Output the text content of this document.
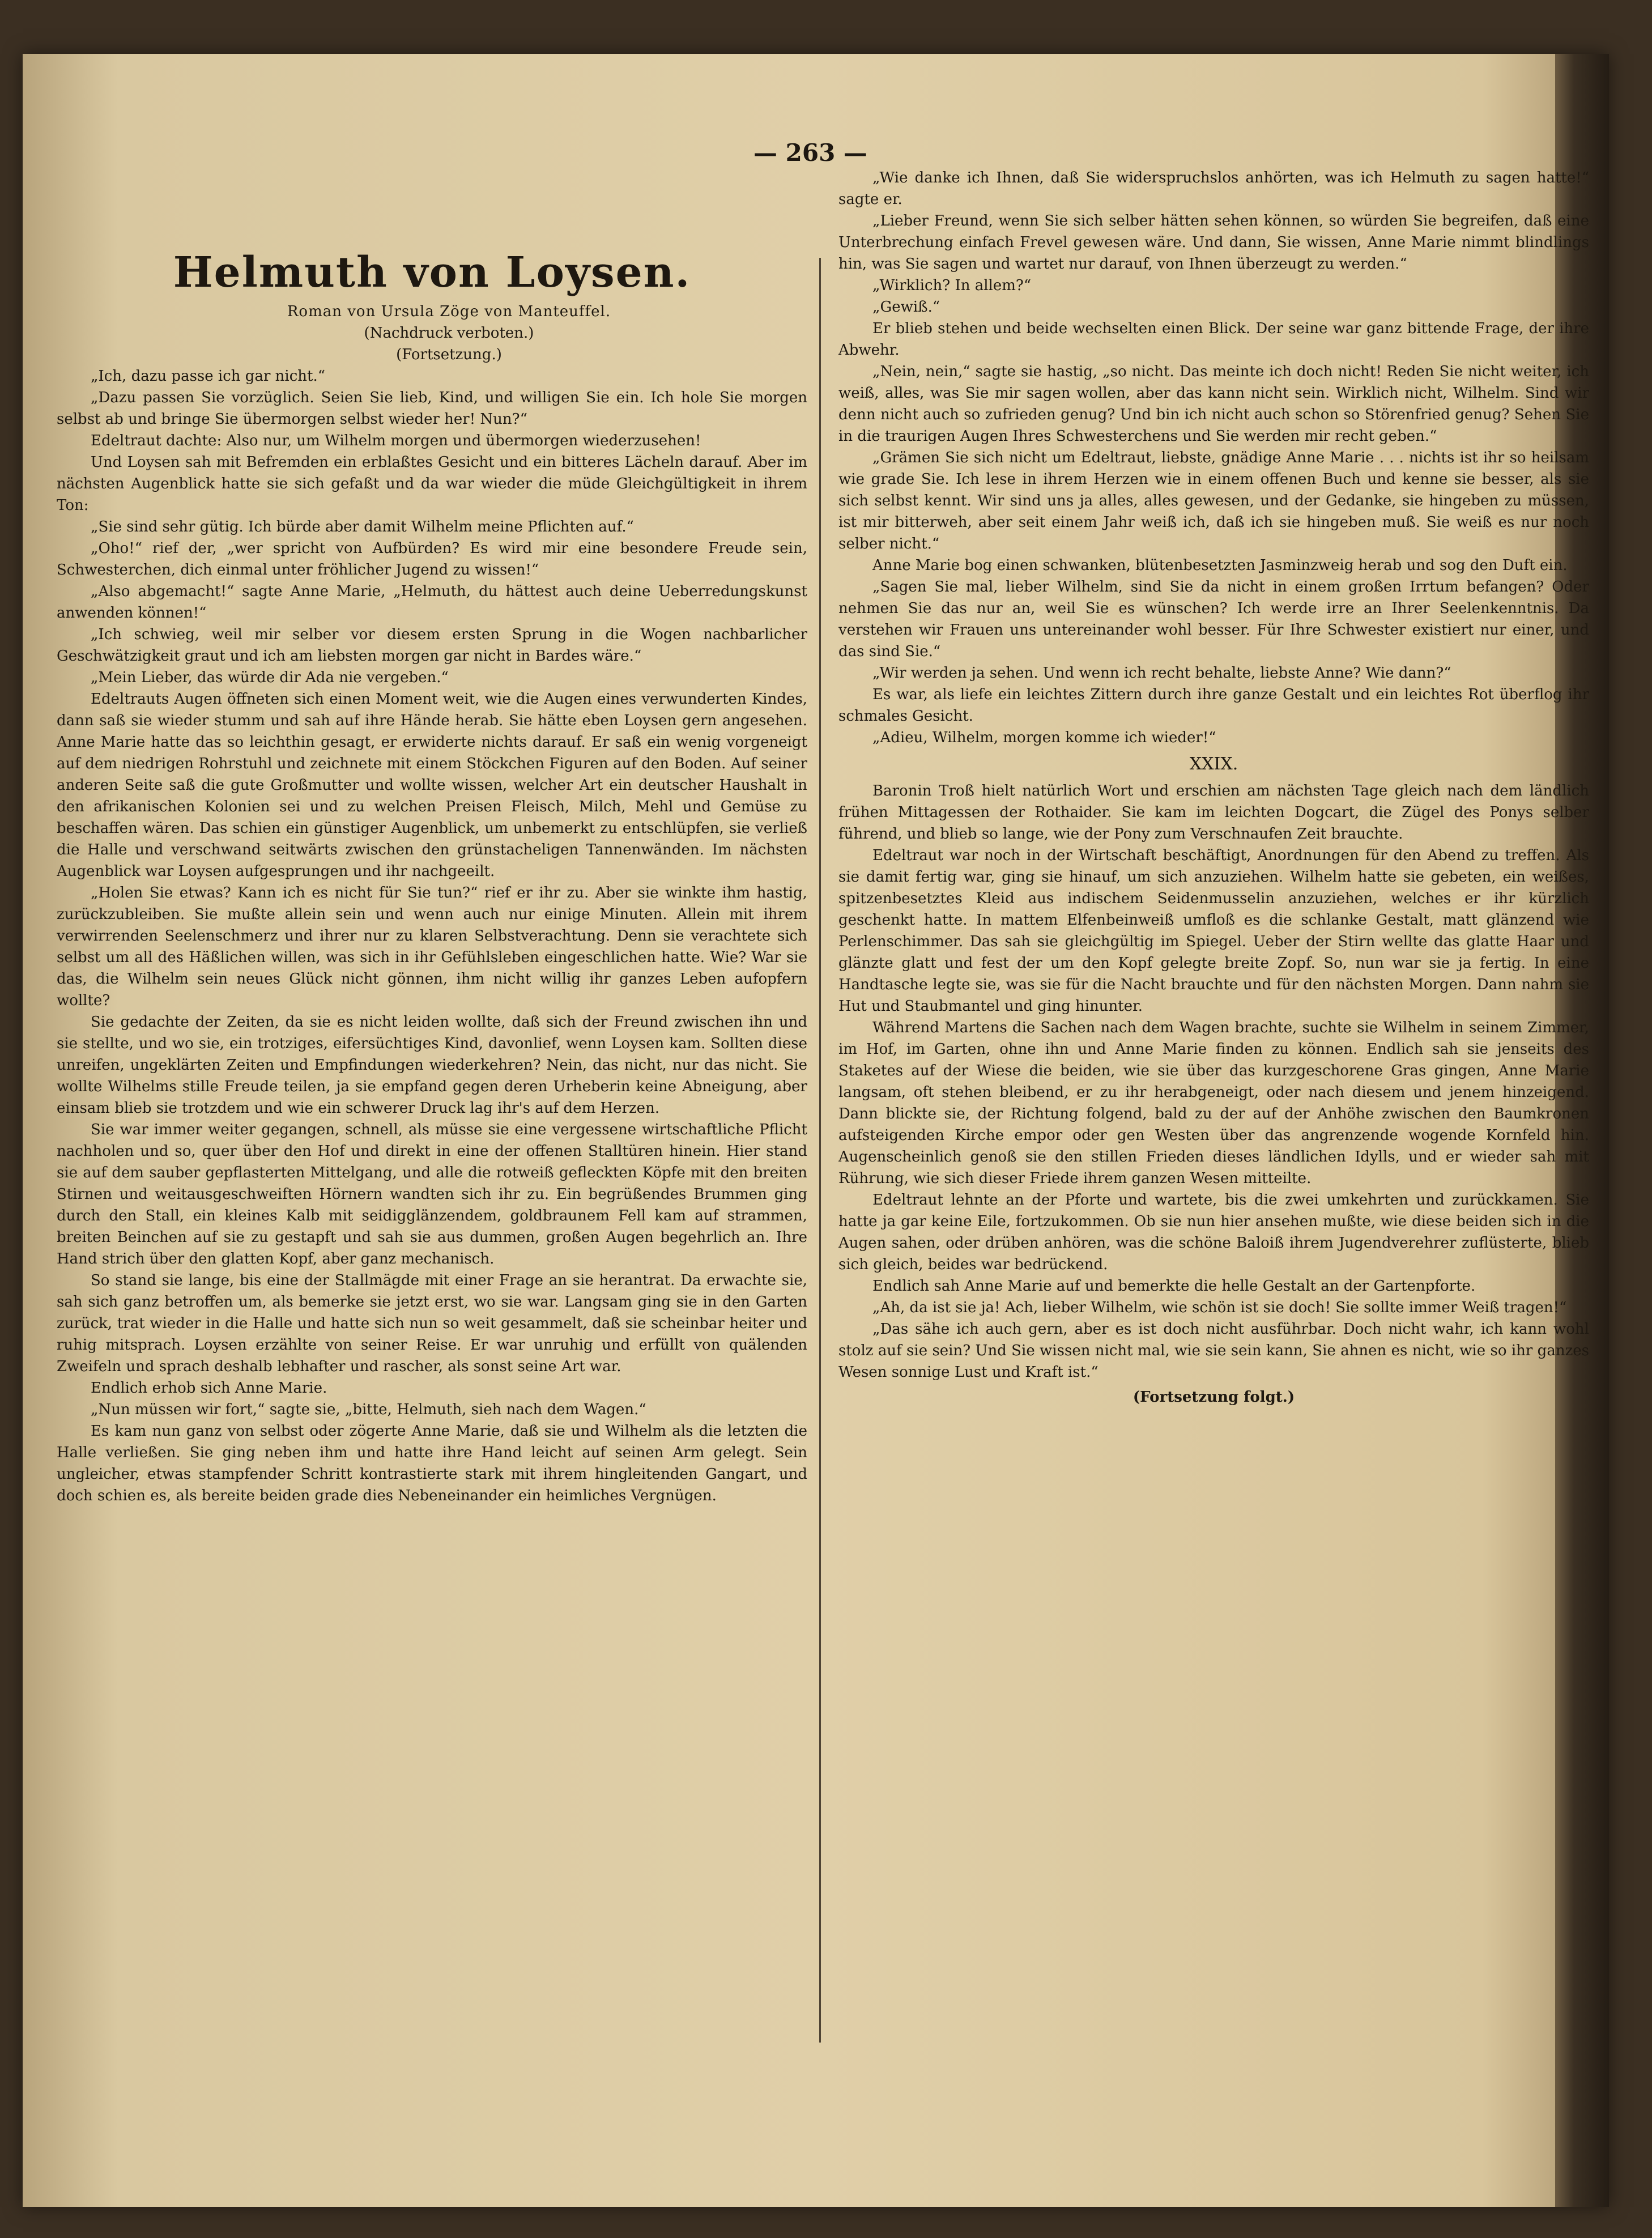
— 263 —
Helmuth von Loysen.

Roman von Ursula Zöge von Manteuffel.

(Nachdruck verboten.)

(Fortsetzung.)

„Ich, dazu passe ich gar nicht.“

„Dazu passen Sie vorzüglich. Seien Sie lieb, Kind, und willigen Sie ein. Ich hole Sie morgen selbst ab und bringe Sie übermorgen selbst wieder her! Nun?“

Edeltraut dachte: Also nur, um Wilhelm morgen und übermorgen wiederzusehen!

Und Loysen sah mit Befremden ein erblaßtes Gesicht und ein bitteres Lächeln darauf. Aber im nächsten Augenblick hatte sie sich gefaßt und da war wieder die müde Gleichgültigkeit in ihrem Ton:

„Sie sind sehr gütig. Ich bürde aber damit Wilhelm meine Pflichten auf.“

„Oho!“ rief der, „wer spricht von Aufbürden? Es wird mir eine besondere Freude sein, Schwesterchen, dich einmal unter fröhlicher Jugend zu wissen!“

„Also abgemacht!“ sagte Anne Marie, „Helmuth, du hättest auch deine Ueberredungskunst anwenden können!“

„Ich schwieg, weil mir selber vor diesem ersten Sprung in die Wogen nachbarlicher Geschwätzigkeit graut und ich am liebsten morgen gar nicht in Bardes wäre.“

„Mein Lieber, das würde dir Ada nie vergeben.“

Edeltrauts Augen öffneten sich einen Moment weit, wie die Augen eines verwunderten Kindes, dann saß sie wieder stumm und sah auf ihre Hände herab. Sie hätte eben Loysen gern angesehen. Anne Marie hatte das so leichthin gesagt, er erwiderte nichts darauf. Er saß ein wenig vorgeneigt auf dem niedrigen Rohrstuhl und zeichnete mit einem Stöckchen Figuren auf den Boden. Auf seiner anderen Seite saß die gute Großmutter und wollte wissen, welcher Art ein deutscher Haushalt in den afrikanischen Kolonien sei und zu welchen Preisen Fleisch, Milch, Mehl und Gemüse zu beschaffen wären. Das schien ein günstiger Augenblick, um unbemerkt zu entschlüpfen, sie verließ die Halle und verschwand seitwärts zwischen den grünstacheligen Tannenwänden. Im nächsten Augenblick war Loysen aufgesprungen und ihr nachgeeilt.

„Holen Sie etwas? Kann ich es nicht für Sie tun?“ rief er ihr zu. Aber sie winkte ihm hastig, zurückzubleiben. Sie mußte allein sein und wenn auch nur einige Minuten. Allein mit ihrem verwirrenden Seelenschmerz und ihrer nur zu klaren Selbstverachtung. Denn sie verachtete sich selbst um all des Häßlichen willen, was sich in ihr Gefühlsleben eingeschlichen hatte. Wie? War sie das, die Wilhelm sein neues Glück nicht gönnen, ihm nicht willig ihr ganzes Leben aufopfern wollte?

Sie gedachte der Zeiten, da sie es nicht leiden wollte, daß sich der Freund zwischen ihn und sie stellte, und wo sie, ein trotziges, eifersüchtiges Kind, davonlief, wenn Loysen kam. Sollten diese unreifen, ungeklärten Zeiten und Empfindungen wiederkehren? Nein, das nicht, nur das nicht. Sie wollte Wilhelms stille Freude teilen, ja sie empfand gegen deren Urheberin keine Abneigung, aber einsam blieb sie trotzdem und wie ein schwerer Druck lag ihr's auf dem Herzen.

Sie war immer weiter gegangen, schnell, als müsse sie eine vergessene wirtschaftliche Pflicht nachholen und so, quer über den Hof und direkt in eine der offenen Stalltüren hinein. Hier stand sie auf dem sauber gepflasterten Mittelgang, und alle die rotweiß gefleckten Köpfe mit den breiten Stirnen und weitausgeschweiften Hörnern wandten sich ihr zu. Ein begrüßendes Brummen ging durch den Stall, ein kleines Kalb mit seidigglänzendem, goldbraunem Fell kam auf strammen, breiten Beinchen auf sie zu gestapft und sah sie aus dummen, großen Augen begehrlich an. Ihre Hand strich über den glatten Kopf, aber ganz mechanisch.

So stand sie lange, bis eine der Stallmägde mit einer Frage an sie herantrat. Da erwachte sie, sah sich ganz betroffen um, als bemerke sie jetzt erst, wo sie war. Langsam ging sie in den Garten zurück, trat wieder in die Halle und hatte sich nun so weit gesammelt, daß sie scheinbar heiter und ruhig mitsprach. Loysen erzählte von seiner Reise. Er war unruhig und erfüllt von quälenden Zweifeln und sprach deshalb lebhafter und rascher, als sonst seine Art war.

Endlich erhob sich Anne Marie.

„Nun müssen wir fort,“ sagte sie, „bitte, Helmuth, sieh nach dem Wagen.“

Es kam nun ganz von selbst oder zögerte Anne Marie, daß sie und Wilhelm als die letzten die Halle verließen. Sie ging neben ihm und hatte ihre Hand leicht auf seinen Arm gelegt. Sein ungleicher, etwas stampfender Schritt kontrastierte stark mit ihrem hingleitenden Gangart, und doch schien es, als bereite beiden grade dies Nebeneinander ein heimliches Vergnügen.

„Wie danke ich Ihnen, daß Sie widerspruchslos anhörten, was ich Helmuth zu sagen hatte!“ sagte er.

„Lieber Freund, wenn Sie sich selber hätten sehen können, so würden Sie begreifen, daß eine Unterbrechung einfach Frevel gewesen wäre. Und dann, Sie wissen, Anne Marie nimmt blindlings hin, was Sie sagen und wartet nur darauf, von Ihnen überzeugt zu werden.“

„Wirklich? In allem?“

„Gewiß.“

Er blieb stehen und beide wechselten einen Blick. Der seine war ganz bittende Frage, der ihre Abwehr.

„Nein, nein,“ sagte sie hastig, „so nicht. Das meinte ich doch nicht! Reden Sie nicht weiter, ich weiß, alles, was Sie mir sagen wollen, aber das kann nicht sein. Wirklich nicht, Wilhelm. Sind wir denn nicht auch so zufrieden genug? Und bin ich nicht auch schon so Störenfried genug? Sehen Sie in die traurigen Augen Ihres Schwesterchens und Sie werden mir recht geben.“

„Grämen Sie sich nicht um Edeltraut, liebste, gnädige Anne Marie . . . nichts ist ihr so heilsam wie grade Sie. Ich lese in ihrem Herzen wie in einem offenen Buch und kenne sie besser, als sie sich selbst kennt. Wir sind uns ja alles, alles gewesen, und der Gedanke, sie hingeben zu müssen, ist mir bitterweh, aber seit einem Jahr weiß ich, daß ich sie hingeben muß. Sie weiß es nur noch selber nicht.“

Anne Marie bog einen schwanken, blütenbesetzten Jasminzweig herab und sog den Duft ein.

„Sagen Sie mal, lieber Wilhelm, sind Sie da nicht in einem großen Irrtum befangen? Oder nehmen Sie das nur an, weil Sie es wünschen? Ich werde irre an Ihrer Seelenkenntnis. Da verstehen wir Frauen uns untereinander wohl besser. Für Ihre Schwester existiert nur einer, und das sind Sie.“

„Wir werden ja sehen. Und wenn ich recht behalte, liebste Anne? Wie dann?“

Es war, als liefe ein leichtes Zittern durch ihre ganze Gestalt und ein leichtes Rot überflog ihr schmales Gesicht.

„Adieu, Wilhelm, morgen komme ich wieder!“

XXIX.

Baronin Troß hielt natürlich Wort und erschien am nächsten Tage gleich nach dem ländlich frühen Mittagessen der Rothaider. Sie kam im leichten Dogcart, die Zügel des Ponys selber führend, und blieb so lange, wie der Pony zum Verschnaufen Zeit brauchte.

Edeltraut war noch in der Wirtschaft beschäftigt, Anordnungen für den Abend zu treffen. Als sie damit fertig war, ging sie hinauf, um sich anzuziehen. Wilhelm hatte sie gebeten, ein weißes, spitzenbesetztes Kleid aus indischem Seidenmusselin anzuziehen, welches er ihr kürzlich geschenkt hatte. In mattem Elfenbeinweiß umfloß es die schlanke Gestalt, matt glänzend wie Perlenschimmer. Das sah sie gleichgültig im Spiegel. Ueber der Stirn wellte das glatte Haar und glänzte glatt und fest der um den Kopf gelegte breite Zopf. So, nun war sie ja fertig. In eine Handtasche legte sie, was sie für die Nacht brauchte und für den nächsten Morgen. Dann nahm sie Hut und Staubmantel und ging hinunter.

Während Martens die Sachen nach dem Wagen brachte, suchte sie Wilhelm in seinem Zimmer, im Hof, im Garten, ohne ihn und Anne Marie finden zu können. Endlich sah sie jenseits des Staketes auf der Wiese die beiden, wie sie über das kurzgeschorene Gras gingen, Anne Marie langsam, oft stehen bleibend, er zu ihr herabgeneigt, oder nach diesem und jenem hinzeigend. Dann blickte sie, der Richtung folgend, bald zu der auf der Anhöhe zwischen den Baumkronen aufsteigenden Kirche empor oder gen Westen über das angrenzende wogende Kornfeld hin. Augenscheinlich genoß sie den stillen Frieden dieses ländlichen Idylls, und er wieder sah mit Rührung, wie sich dieser Friede ihrem ganzen Wesen mitteilte.

Edeltraut lehnte an der Pforte und wartete, bis die zwei umkehrten und zurückkamen. Sie hatte ja gar keine Eile, fortzukommen. Ob sie nun hier ansehen mußte, wie diese beiden sich in die Augen sahen, oder drüben anhören, was die schöne Baloiß ihrem Jugendverehrer zuflüsterte, blieb sich gleich, beides war bedrückend.

Endlich sah Anne Marie auf und bemerkte die helle Gestalt an der Gartenpforte.

„Ah, da ist sie ja! Ach, lieber Wilhelm, wie schön ist sie doch! Sie sollte immer Weiß tragen!“

„Das sähe ich auch gern, aber es ist doch nicht ausführbar. Doch nicht wahr, ich kann wohl stolz auf sie sein? Und Sie wissen nicht mal, wie sie sein kann, Sie ahnen es nicht, wie so ihr ganzes Wesen sonnige Lust und Kraft ist.“

(Fortsetzung folgt.)
